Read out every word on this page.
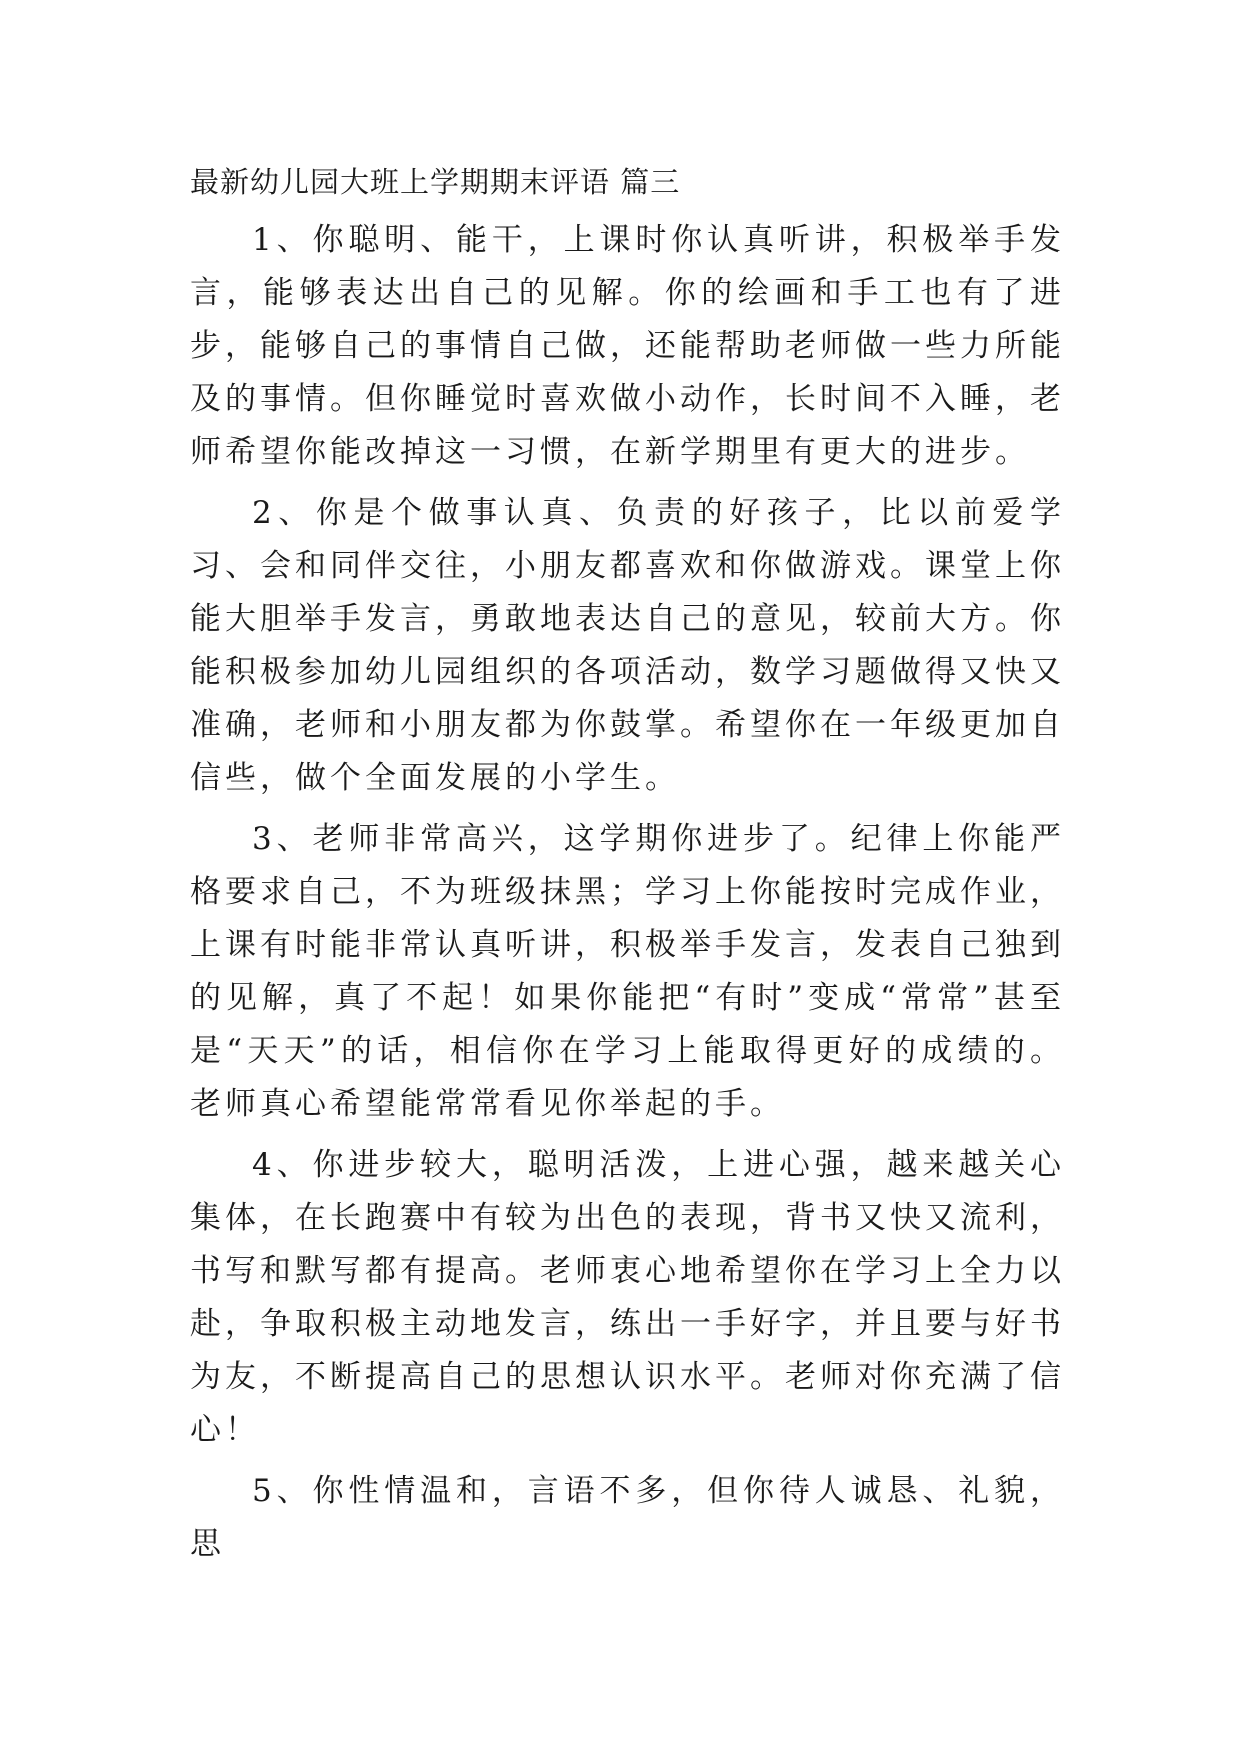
最新幼儿园大班上学期期末评语 篇三

1、你聪明、能干，上课时你认真听讲，积极举手发言，能够表达出自己的见解。你的绘画和手工也有了进步，能够自己的事情自己做，还能帮助老师做一些力所能及的事情。但你睡觉时喜欢做小动作，长时间不入睡，老师希望你能改掉这一习惯，在新学期里有更大的进步。

2、你是个做事认真、负责的好孩子，比以前爱学习、会和同伴交往，小朋友都喜欢和你做游戏。课堂上你能大胆举手发言，勇敢地表达自己的意见，较前大方。你能积极参加幼儿园组织的各项活动，数学习题做得又快又准确，老师和小朋友都为你鼓掌。希望你在一年级更加自信些，做个全面发展的小学生。

3、老师非常高兴，这学期你进步了。纪律上你能严格要求自己，不为班级抹黑；学习上你能按时完成作业，上课有时能非常认真听讲，积极举手发言，发表自己独到的见解，真了不起！如果你能把“有时”变成“常常”甚至是“天天”的话，相信你在学习上能取得更好的成绩的。老师真心希望能常常看见你举起的手。

4、你进步较大，聪明活泼，上进心强，越来越关心集体，在长跑赛中有较为出色的表现，背书又快又流利，书写和默写都有提高。老师衷心地希望你在学习上全力以赴，争取积极主动地发言，练出一手好字，并且要与好书为友，不断提高自己的思想认识水平。老师对你充满了信心！

5、你性情温和，言语不多，但你待人诚恳、礼貌，思
